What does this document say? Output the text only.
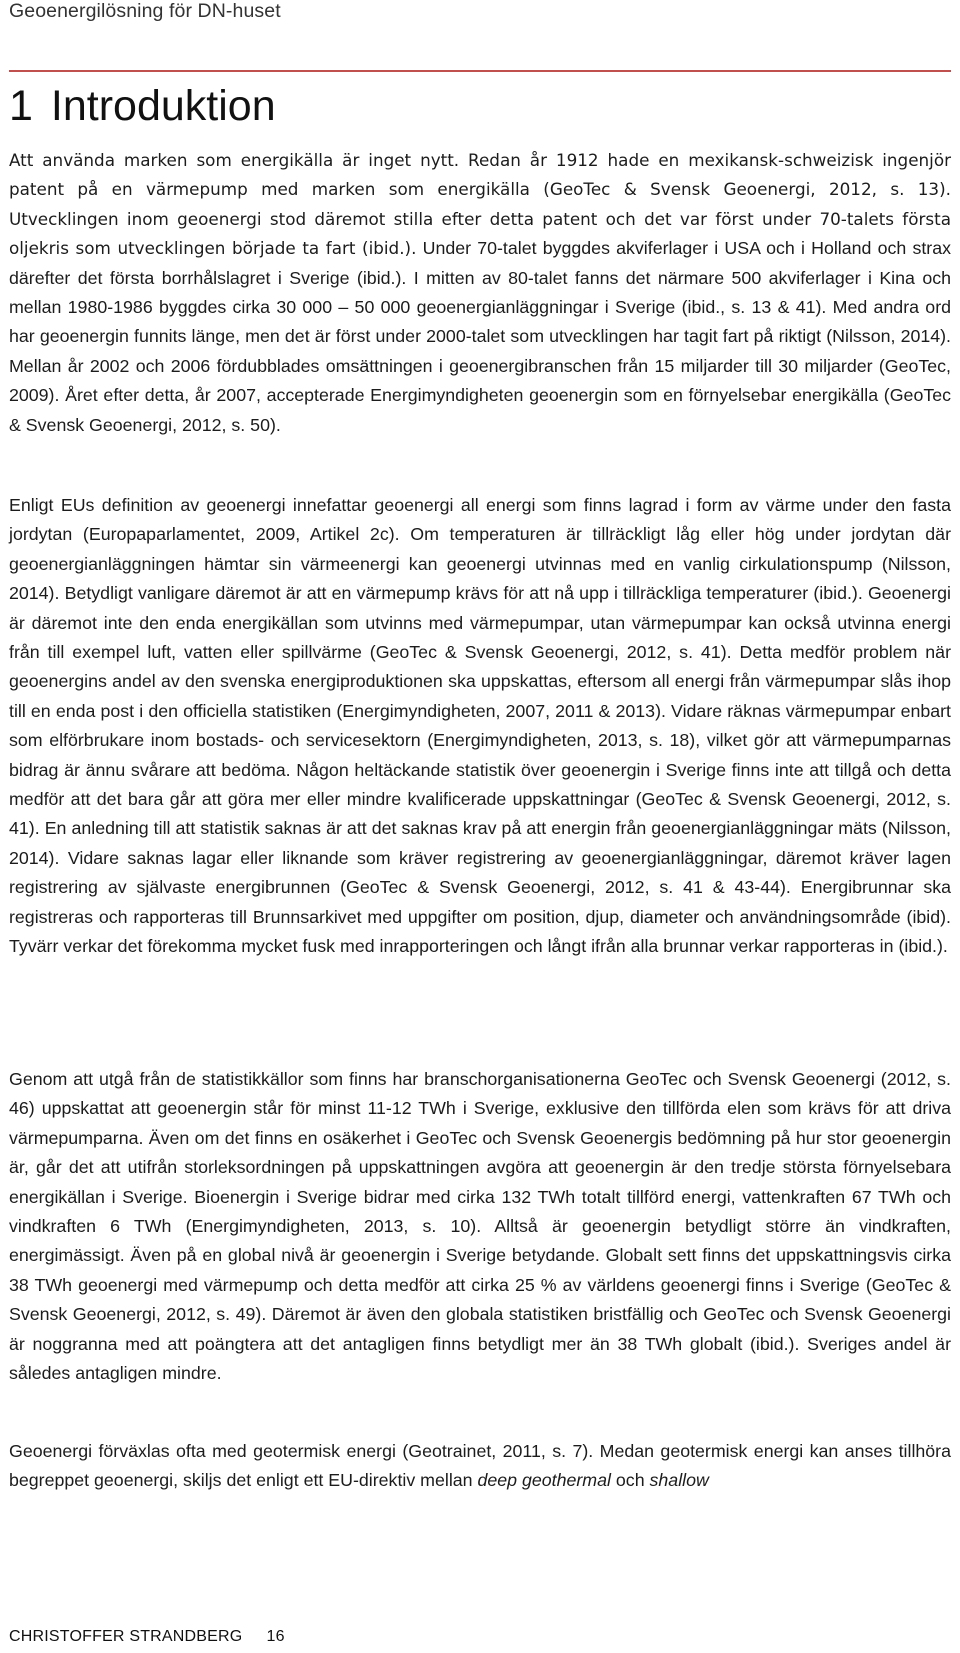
Geoenergilösning för DN-huset
1 Introduktion

Att använda marken som energikälla är inget nytt. Redan år 1912 hade en mexikansk-schweizisk ingenjör patent på en värmepump med marken som energikälla (GeoTec & Svensk Geoenergi, 2012, s. 13). Utvecklingen inom geoenergi stod däremot stilla efter detta patent och det var först under 70-talets första oljekris som utvecklingen började ta fart (ibid.). Under 70-talet byggdes akviferlager i USA och i Holland och strax därefter det första borrhålslagret i Sverige (ibid.). I mitten av 80-talet fanns det närmare 500 akviferlager i Kina och mellan 1980-1986 byggdes cirka 30 000 – 50 000 geoenergianläggningar i Sverige (ibid., s. 13 & 41). Med andra ord har geoenergin funnits länge, men det är först under 2000-talet som utvecklingen har tagit fart på riktigt (Nilsson, 2014). Mellan år 2002 och 2006 fördubblades omsättningen i geoenergibranschen från 15 miljarder till 30 miljarder (GeoTec, 2009). Året efter detta, år 2007, accepterade Energimyndigheten geoenergin som en förnyelsebar energikälla (GeoTec & Svensk Geoenergi, 2012, s. 50).

Enligt EUs definition av geoenergi innefattar geoenergi all energi som finns lagrad i form av värme under den fasta jordytan (Europaparlamentet, 2009, Artikel 2c). Om temperaturen är tillräckligt låg eller hög under jordytan där geoenergianläggningen hämtar sin värmeenergi kan geoenergi utvinnas med en vanlig cirkulationspump (Nilsson, 2014). Betydligt vanligare däremot är att en värmepump krävs för att nå upp i tillräckliga temperaturer (ibid.). Geoenergi är däremot inte den enda energikällan som utvinns med värmepumpar, utan värmepumpar kan också utvinna energi från till exempel luft, vatten eller spillvärme (GeoTec & Svensk Geoenergi, 2012, s. 41). Detta medför problem när geoenergins andel av den svenska energiproduktionen ska uppskattas, eftersom all energi från värmepumpar slås ihop till en enda post i den officiella statistiken (Energimyndigheten, 2007, 2011 & 2013). Vidare räknas värmepumpar enbart som elförbrukare inom bostads- och servicesektorn (Energimyndigheten, 2013, s. 18), vilket gör att värmepumparnas bidrag är ännu svårare att bedöma. Någon heltäckande statistik över geoenergin i Sverige finns inte att tillgå och detta medför att det bara går att göra mer eller mindre kvalificerade uppskattningar (GeoTec & Svensk Geoenergi, 2012, s. 41). En anledning till att statistik saknas är att det saknas krav på att energin från geoenergianläggningar mäts (Nilsson, 2014). Vidare saknas lagar eller liknande som kräver registrering av geoenergianläggningar, däremot kräver lagen registrering av självaste energibrunnen (GeoTec & Svensk Geoenergi, 2012, s. 41 & 43-44). Energibrunnar ska registreras och rapporteras till Brunnsarkivet med uppgifter om position, djup, diameter och användningsområde (ibid). Tyvärr verkar det förekomma mycket fusk med inrapporteringen och långt ifrån alla brunnar verkar rapporteras in (ibid.).

Genom att utgå från de statistikkällor som finns har branschorganisationerna GeoTec och Svensk Geoenergi (2012, s. 46) uppskattat att geoenergin står för minst 11-12 TWh i Sverige, exklusive den tillförda elen som krävs för att driva värmepumparna. Även om det finns en osäkerhet i GeoTec och Svensk Geoenergis bedömning på hur stor geoenergin är, går det att utifrån storleksordningen på uppskattningen avgöra att geoenergin är den tredje största förnyelsebara energikällan i Sverige. Bioenergin i Sverige bidrar med cirka 132 TWh totalt tillförd energi, vattenkraften 67 TWh och vindkraften 6 TWh (Energimyndigheten, 2013, s. 10). Alltså är geoenergin betydligt större än vindkraften, energimässigt. Även på en global nivå är geoenergin i Sverige betydande. Globalt sett finns det uppskattningsvis cirka 38 TWh geoenergi med värmepump och detta medför att cirka 25 % av världens geoenergi finns i Sverige (GeoTec & Svensk Geoenergi, 2012, s. 49). Däremot är även den globala statistiken bristfällig och GeoTec och Svensk Geoenergi är noggranna med att poängtera att det antagligen finns betydligt mer än 38 TWh globalt (ibid.). Sveriges andel är således antagligen mindre.

Geoenergi förväxlas ofta med geotermisk energi (Geotrainet, 2011, s. 7). Medan geotermisk energi kan anses tillhöra begreppet geoenergi, skiljs det enligt ett EU-direktiv mellan deep geothermal och shallow

CHRISTOFFER STRANDBERG 16
